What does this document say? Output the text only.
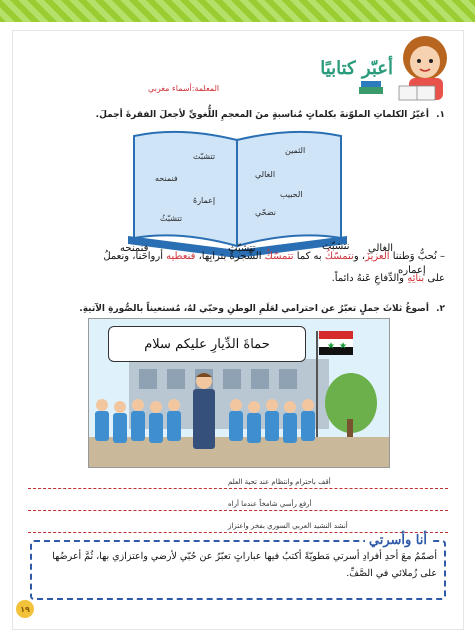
أعبّر كتابيًا
المعلمة:أسماء مغربي
١. أغيّرُ الكلماتِ الملوّنةَ بكلماتٍ مُناسبةٍ منَ المعجمِ اللُّغويِّ لأجعلَ الفقرةَ أجملَ.
الثمين
الغالي
الحبيب
نضحّي
تتشبّث
فنمنحه
إعمارهُ
تتشبّثُ
– نُحبُّ وَطننا العزيزَ، ونتمسّكُ به كما تتمسّكُ الشَّجرةُ بترابِها، فنعطيه أرواحَنا، ونعملُ
على بنائِهِ والدِّفاعِ عَنهُ دائماً.
الغالي
نتشبّث
تتشبّث
فنمنحه
إعماره
٢. أصوغُ ثلاثَ جملٍ تعبّرُ عن احترامي لعَلَمِ الوطنِ وحبّي لهُ، مُستعيناً بالصُّورةِ الآتيةِ.
حماةَ الدِّيارِ عليكم سلام
أقف باحترام وانتظام عند تحية العلم
أرفع رأسي شامخاً عندما أراه
أنشد النشيد العربي السوري بفخر واعتزاز
أنا وأسرتي
أصمّمُ معَ أحدِ أفرادِ أسرتي مَطويّةً أكتبُ فيها عباراتٍ تعبّرُ عن حُبّي لأرضي واعتزازي بها، ثُمَّ أعرضُها على زُملائي في الصَّفِّ.
١٩
